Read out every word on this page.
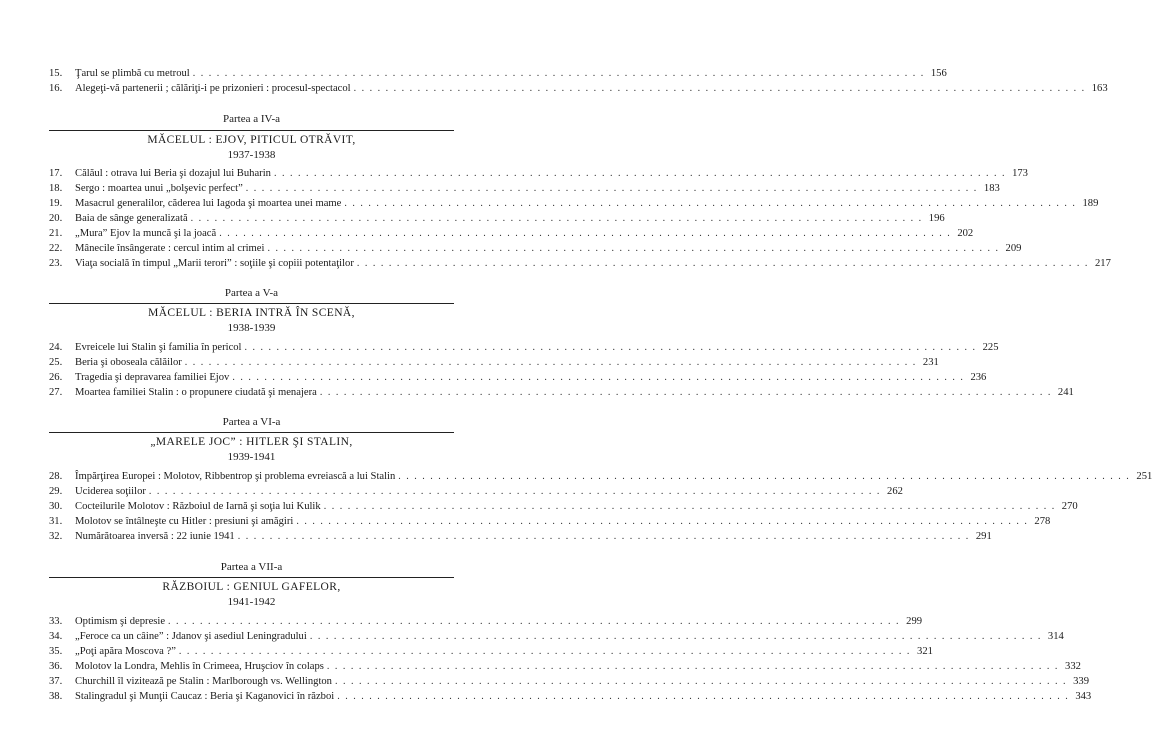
15.	Ţarul se plimbă cu metroul . . .	156
16.	Alegeţi-vă partenerii ; călăriţi-i pe prizonieri : procesul-spectacol . . .	163
Partea a IV-a
MĂCELUL : EJOV, PITICUL OTRĂVIT,
1937-1938
17.	Călăul : otrava lui Beria şi dozajul lui Buharin . . .	173
18.	Sergo : moartea unui „bolşevic perfect” . . .	183
19.	Masacrul generalilor, căderea lui Iagoda şi moartea unei mame . . .	189
20.	Baia de sânge generalizată . . .	196
21.	„Mura” Ejov la muncă şi la joacă . . .	202
22.	Mânecile însângerate : cercul intim al crimei . . .	209
23.	Viaţa socială în timpul „Marii terori” : soţiile şi copiii potentaţilor . . .	217
Partea a V-a
MĂCELUL : BERIA INTRĂ ÎN SCENĂ,
1938-1939
24.	Evreicele lui Stalin şi familia în pericol . . .	225
25.	Beria şi oboseala călăilor . . .	231
26.	Tragedia şi depravarea familiei Ejov . . .	236
27.	Moartea familiei Stalin : o propunere ciudată şi menajera . . .	241
Partea a VI-a
„MARELE JOC” : HITLER ŞI STALIN,
1939-1941
28.	Împărţirea Europei : Molotov, Ribbentrop şi problema evreiască a lui Stalin . . .	251
29.	Uciderea soţiilor . . .	262
30.	Cocteilurile Molotov : Războiul de Iarnă şi soţia lui Kulik . . .	270
31.	Molotov se întâlneşte cu Hitler : presiuni şi amăgiri . . .	278
32.	Numărătoarea inversă : 22 iunie 1941 . . .	291
Partea a VII-a
RĂZBOIUL : GENIUL GAFELOR,
1941-1942
33.	Optimism şi depresie . . .	299
34.	„Feroce ca un câine” : Jdanov şi asediul Leningradului . . .	314
35.	„Poţi apăra Moscova ?” . . .	321
36.	Molotov la Londra, Mehlis în Crimeea, Hruşciov în colaps . . .	332
37.	Churchill îl vizitează pe Stalin : Marlborough vs. Wellington . . .	339
38.	Stalingradul şi Munţii Caucaz : Beria şi Kaganovici în război . . .	343
